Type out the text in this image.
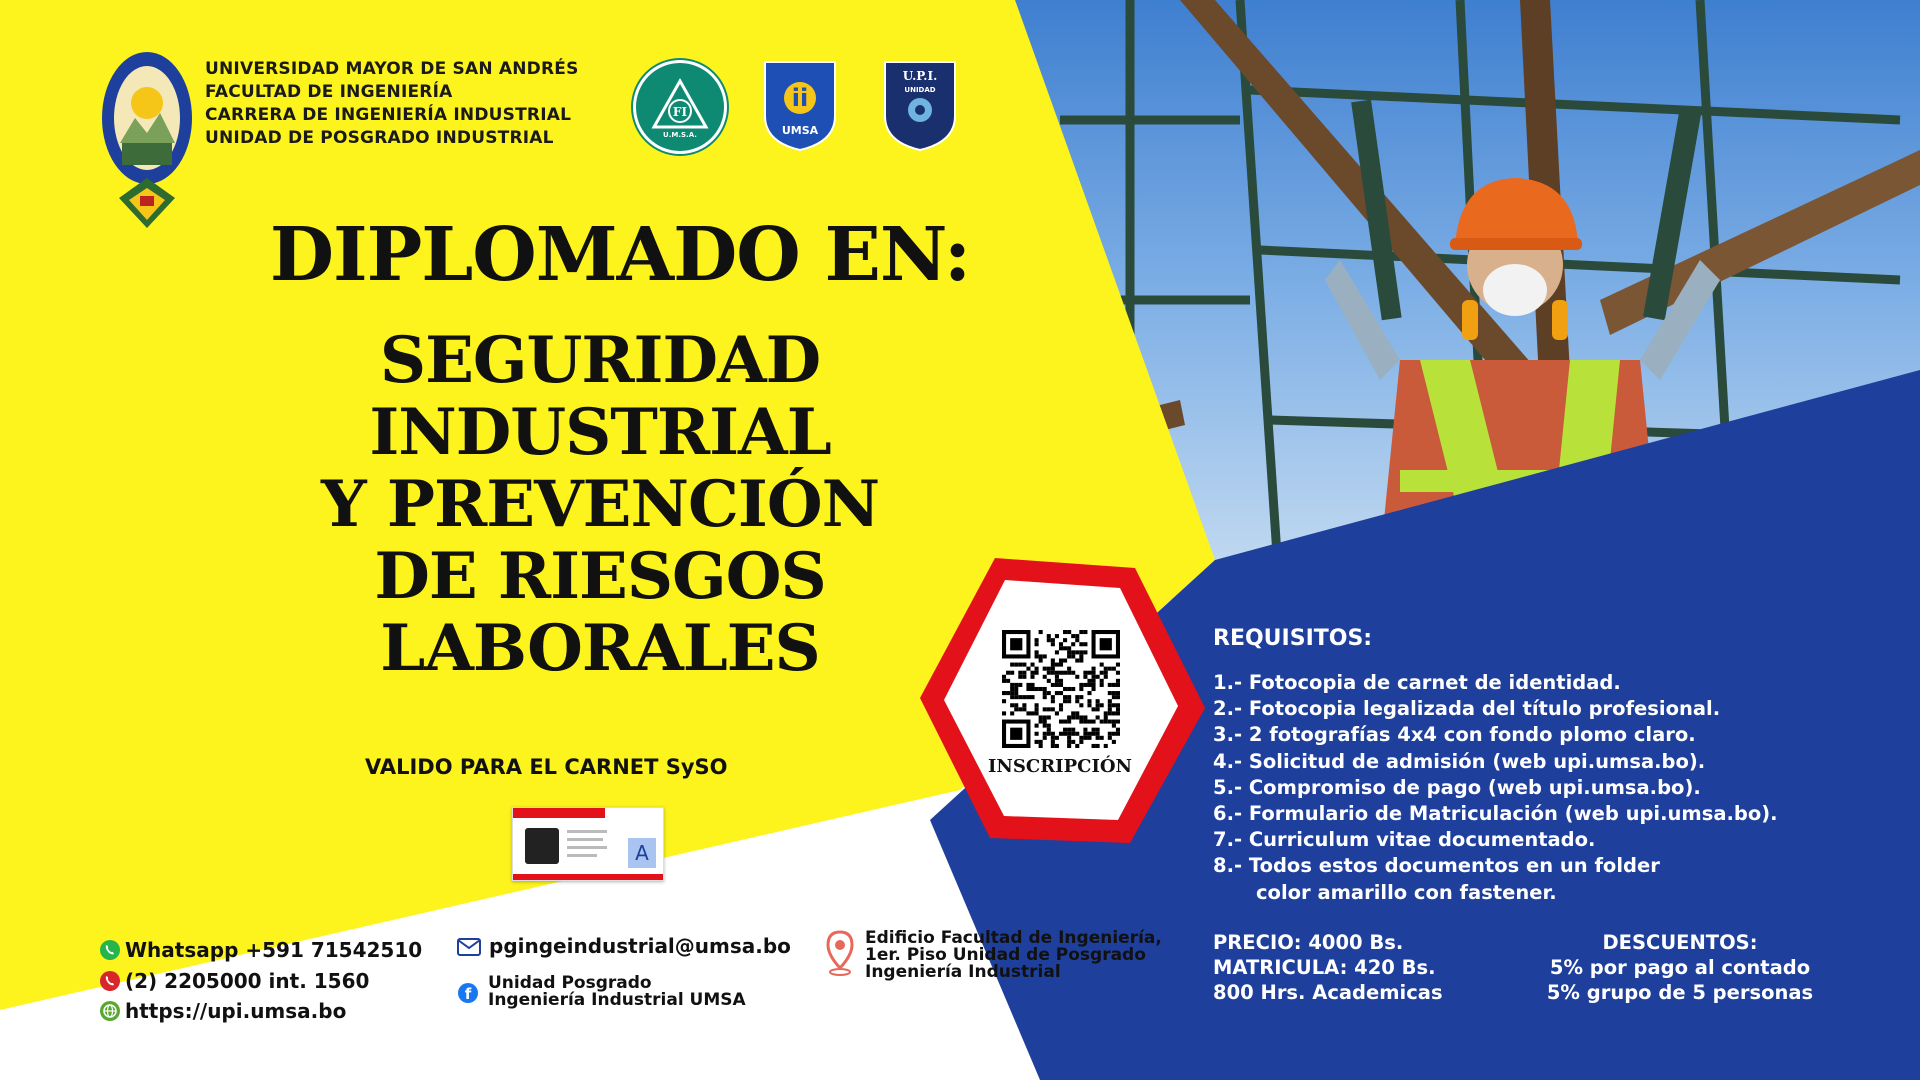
UNIVERSIDAD MAYOR DE SAN ANDRÉS
FACULTAD DE INGENIERÍA
CARRERA DE INGENIERÍA INDUSTRIAL
UNIDAD DE POSGRADO INDUSTRIAL
FI
U.M.S.A.
ii
UMSA
U.P.I.
UNIDAD
DIPLOMADO EN:
SEGURIDAD
INDUSTRIAL
Y PREVENCIÓN
DE RIESGOS
LABORALES
VALIDO PARA EL CARNET SySO
A
INSCRIPCIÓN
REQUISITOS:
1.- Fotocopia de carnet de identidad.
2.- Fotocopia legalizada del título profesional.
3.- 2 fotografías 4x4 con fondo plomo claro.
4.- Solicitud de admisión (web upi.umsa.bo).
5.- Compromiso de pago (web upi.umsa.bo).
6.- Formulario de Matriculación (web upi.umsa.bo).
7.- Curriculum vitae documentado.
8.- Todos estos documentos en un folder
color amarillo con fastener.
PRECIO: 4000 Bs.
MATRICULA: 420 Bs.
800 Hrs. Academicas
DESCUENTOS:
5% por pago al contado
5% grupo de 5 personas
Whatsapp +591 71542510
(2) 2205000 int. 1560
https://upi.umsa.bo
pgingeindustrial@umsa.bo
f
Unidad Posgrado
Ingeniería Industrial UMSA
Edificio Facultad de Ingeniería,
1er. Piso Unidad de Posgrado
Ingeniería Industrial
